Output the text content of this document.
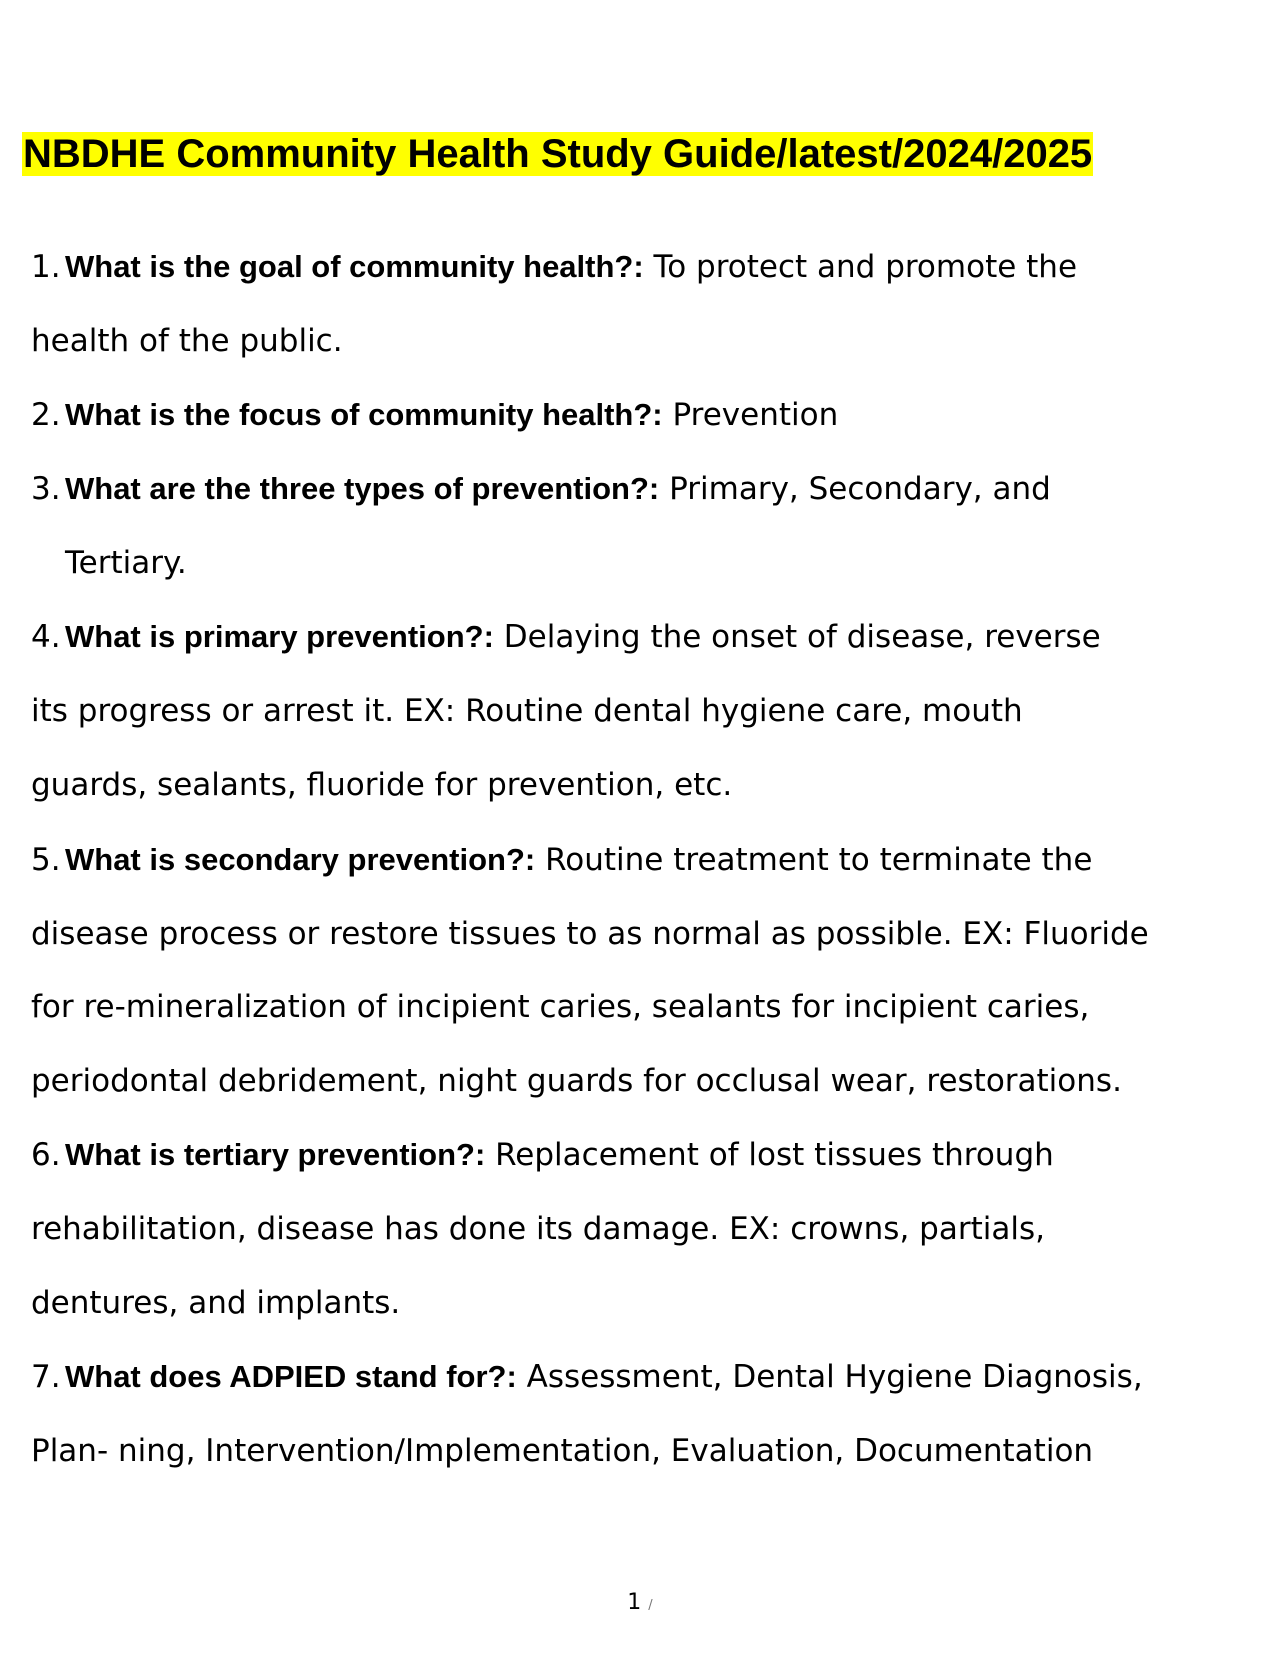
NBDHE Community Health Study Guide/latest/2024/2025
1. What is the goal of community health?: To protect and promote the
health of the public.
2. What is the focus of community health?: Prevention
3. What are the three types of prevention?: Primary, Secondary, and
Tertiary.
4. What is primary prevention?: Delaying the onset of disease, reverse
its progress or arrest it. EX: Routine dental hygiene care, mouth
guards, sealants, fluoride for prevention, etc.
5. What is secondary prevention?: Routine treatment to terminate the
disease process or restore tissues to as normal as possible. EX: Fluoride
for re-mineralization of incipient caries, sealants for incipient caries,
periodontal debridement, night guards for occlusal wear, restorations.
6. What is tertiary prevention?: Replacement of lost tissues through
rehabilitation, disease has done its damage. EX: crowns, partials,
dentures, and implants.
7. What does ADPIED stand for?: Assessment, Dental Hygiene Diagnosis,
Plan- ning, Intervention/Implementation, Evaluation, Documentation
1 /
